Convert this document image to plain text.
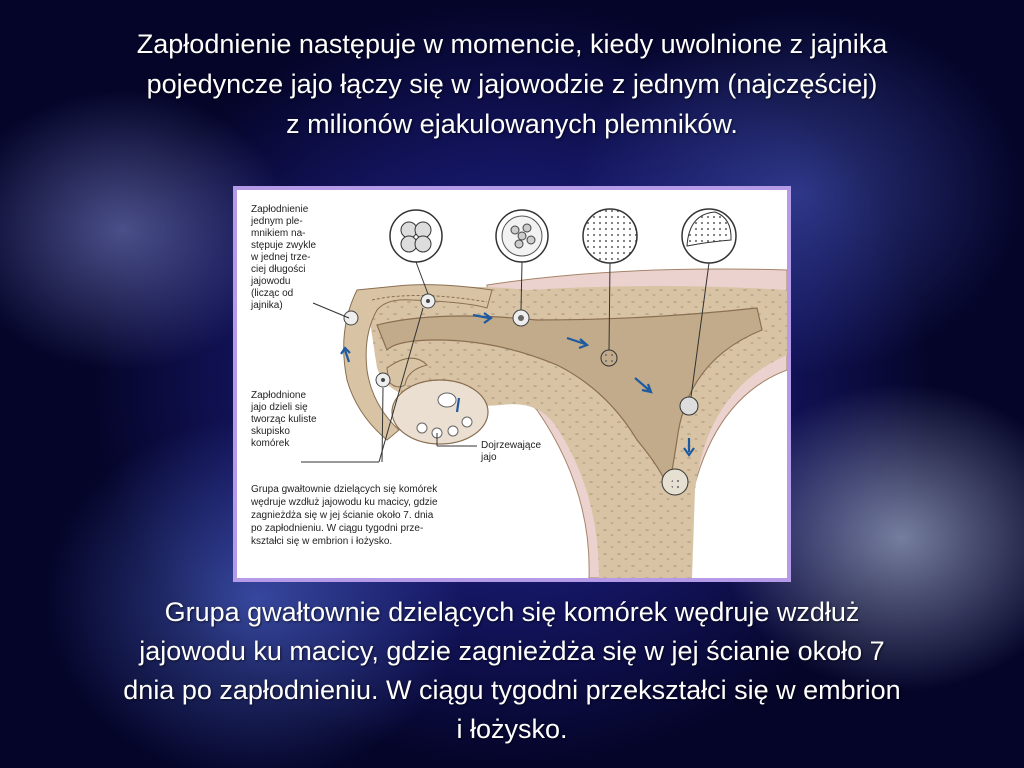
Zapłodnienie następuje w momencie, kiedy uwolnione z jajnika
pojedyncze jajo łączy się w jajowodzie z jednym (najczęściej)
z milionów ejakulowanych plemników.
Zapłodnienie jednym ple- mnikiem na- stępuje zwykle w jednej trze- ciej długości jajowodu (licząc od jajnika)
Zapłodnione jajo dzieli się tworząc kuliste skupisko komórek	Dojrzewające jajo
Grupa gwałtownie dzielących się komórek wędruje wzdłuż jajowodu ku macicy, gdzie zagnieżdża się w jej ścianie około 7. dnia po zapłodnieniu. W ciągu tygodni prze- kształci się w embrion i łożysko.
Grupa gwałtownie dzielących się komórek wędruje wzdłuż
jajowodu ku macicy, gdzie zagnieżdża się w jej ścianie około 7
dnia po zapłodnieniu. W ciągu tygodni przekształci się w embrion
i łożysko.
